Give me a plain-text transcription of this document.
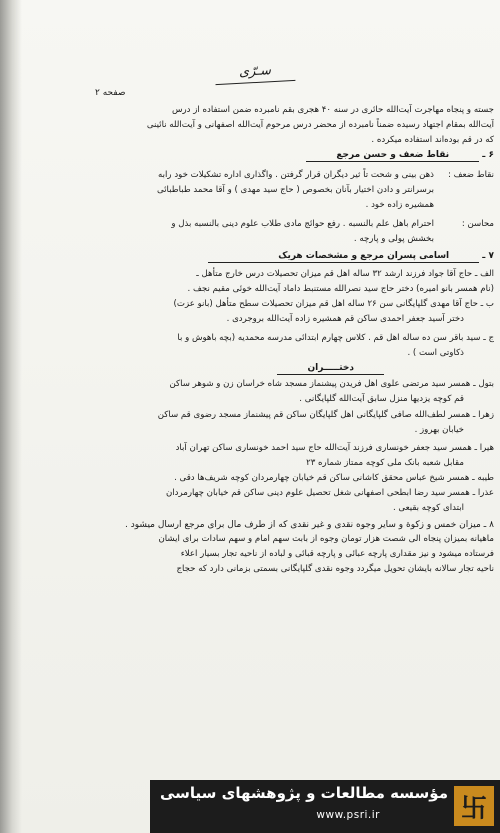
سـرّی
صفحه ۲
جسته و پنجاه مهاجرت آیت‌الله حائری در سنه ۴۰ هجری بقم نامبرده ضمن استفاده از درس
آیت‌الله بمقام اجتهاد رسیده ضمناً نامبرده از محضر درس مرحوم آیت‌الله اصفهانی و آیت‌الله نائینی
که در قم بوده‌اند استفاده میکرده .
۶ ـ نقاط ضعف و حسن مرجع
نقاط ضعف :
ذهن بینی و شحت تاً ثیر دیگران قرار گرفتن . واگذاری اداره تشکیلات خود رابه
برسرانتر و دادن اختیار بآنان بخصوص ( حاج سید مهدی ) و آقا محمد طباطبائی
همشیره زاده خود .
محاسن :
احترام باهل علم بالنسبه . رفع حوائج مادی طلاب علوم دینی بالنسبه بذل و
بخشش پولی و پارچه .
۷ ـ اسامی پسران مرجع و مشخصات هریک
الف ـ حاج آقا جواد فرزند ارشد ۳۲ ساله اهل قم میزان تحصیلات درس خارج متأهل ـ
(نام همسر بانو امیره) دختر حاج سید نصرالله مستنبط داماد آیت‌الله خوئی مقیم نجف .
ب ـ حاج آقا مهدی گلپایگانی سن ۲۶ ساله اهل قم میزان تحصیلات سطح متأهل (بانو عزت)
دختر آسید جعفر احمدی ساکن قم همشیره زاده آیت‌الله بروجردی .
ج ـ سید باقر سن ده ساله اهل قم . کلاس چهارم ابتدائی مدرسه محمدیه (بچه باهوش و با
ذکاوتی است ) .
دختـــــران
بتول ـ همسر سید مرتضی علوی اهل فریدن پیشنماز مسجد شاه خراسان زن و شوهر ساکن
قم کوچه یزدیها منزل سابق آیت‌الله گلپایگانی .
زهرا ـ همسر لطف‌الله صافی گلپایگانی اهل گلپایگان ساکن قم پیشنماز مسجد رضوی قم ساکن
خیابان بهروز .
هیرا ـ همسر سید جعفر خونساری فرزند آیت‌الله حاج سید احمد خونساری ساکن تهران آباد
مقابل شعبه بانک ملی کوچه ممتاز شماره ۲۳
طیبه ـ همسر شیخ عباس محقق کاشانی ساکن قم خیابان چهارمردان کوچه شریف‌ها دقی .
عذرا ـ همسر سید رضا ابطحی اصفهانی شغل تحصیل علوم دینی ساکن قم خیابان چهارمردان
ابتدای کوچه بقیعی .
۸ ـ میزان خمس و زکوة و سایر وجوه نقدی و غیر نقدی که از طرف مال برای مرجع ارسال میشود .
ماهیانه بمیزان پنجاه الی شصت هزار تومان وجوه از بابت سهم امام و سهم سادات برای ایشان
فرستاده میشود و نیز مقداری پارچه عبائی و پارچه قبائی و لباده از ناحیه تجار بسیار اعلاء
ناحیه تجار سالانه بایشان تحویل میگردد وجوه نقدی گلپایگانی بسمتی بزمانی دارد که حجاج
卐
مؤسسه مطالعات و پژوهشهای سیاسی
www.psri.ir
